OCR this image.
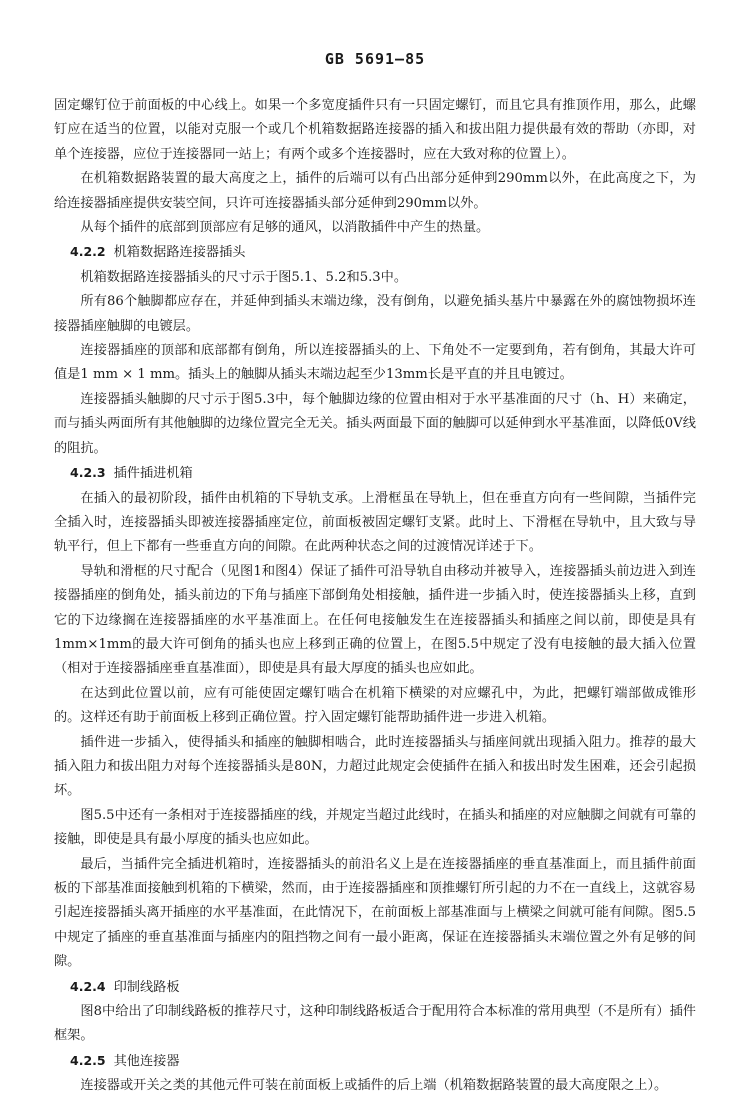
GB 5691—85

固定螺钉位于前面板的中心线上。如果一个多宽度插件只有一只固定螺钉，而且它具有推顶作用，那么，此螺钉应在适当的位置，以能对克服一个或几个机箱数据路连接器的插入和拔出阻力提供最有效的帮助（亦即，对单个连接器，应位于连接器同一站上；有两个或多个连接器时，应在大致对称的位置上）。

在机箱数据路装置的最大高度之上，插件的后端可以有凸出部分延伸到290mm以外，在此高度之下，为给连接器插座提供安装空间，只许可连接器插头部分延伸到290mm以外。

从每个插件的底部到顶部应有足够的通风，以消散插件中产生的热量。

4.2.2 机箱数据路连接器插头

机箱数据路连接器插头的尺寸示于图5.1、5.2和5.3中。

所有86个触脚都应存在，并延伸到插头末端边缘，没有倒角，以避免插头基片中暴露在外的腐蚀物损坏连接器插座触脚的电镀层。

连接器插座的顶部和底部都有倒角，所以连接器插头的上、下角处不一定要到角，若有倒角，其最大许可值是1 mm × 1 mm。插头上的触脚从插头末端边起至少13mm长是平直的并且电镀过。

连接器插头触脚的尺寸示于图5.3中，每个触脚边缘的位置由相对于水平基准面的尺寸（h、H）来确定，而与插头两面所有其他触脚的边缘位置完全无关。插头两面最下面的触脚可以延伸到水平基准面，以降低0V线的阻抗。

4.2.3 插件插进机箱

在插入的最初阶段，插件由机箱的下导轨支承。上滑框虽在导轨上，但在垂直方向有一些间隙，当插件完全插入时，连接器插头即被连接器插座定位，前面板被固定螺钉支紧。此时上、下滑框在导轨中，且大致与导轨平行，但上下都有一些垂直方向的间隙。在此两种状态之间的过渡情况详述于下。

导轨和滑框的尺寸配合（见图1和图4）保证了插件可沿导轨自由移动并被导入，连接器插头前边进入到连接器插座的倒角处，插头前边的下角与插座下部倒角处相接触，插件进一步插入时，使连接器插头上移，直到它的下边缘搁在连接器插座的水平基准面上。在任何电接触发生在连接器插头和插座之间以前，即使是具有1mm×1mm的最大许可倒角的插头也应上移到正确的位置上，在图5.5中规定了没有电接触的最大插入位置（相对于连接器插座垂直基准面），即使是具有最大厚度的插头也应如此。

在达到此位置以前，应有可能使固定螺钉啮合在机箱下横梁的对应螺孔中，为此，把螺钉端部做成锥形的。这样还有助于前面板上移到正确位置。拧入固定螺钉能帮助插件进一步进入机箱。

插件进一步插入，使得插头和插座的触脚相啮合，此时连接器插头与插座间就出现插入阻力。推荐的最大插入阻力和拔出阻力对每个连接器插头是80N，力超过此规定会使插件在插入和拔出时发生困难，还会引起损坏。

图5.5中还有一条相对于连接器插座的线，并规定当超过此线时，在插头和插座的对应触脚之间就有可靠的接触，即使是具有最小厚度的插头也应如此。

最后，当插件完全插进机箱时，连接器插头的前沿名义上是在连接器插座的垂直基准面上，而且插件前面板的下部基准面接触到机箱的下横梁，然而，由于连接器插座和顶推螺钉所引起的力不在一直线上，这就容易引起连接器插头离开插座的水平基准面，在此情况下，在前面板上部基准面与上横梁之间就可能有间隙。图5.5中规定了插座的垂直基准面与插座内的阻挡物之间有一最小距离，保证在连接器插头末端位置之外有足够的间隙。

4.2.4 印制线路板

图8中给出了印制线路板的推荐尺寸，这种印制线路板适合于配用符合本标准的常用典型（不是所有）插件框架。

4.2.5 其他连接器

连接器或开关之类的其他元件可装在前面板上或插件的后上端（机箱数据路装置的最大高度限之上）。
